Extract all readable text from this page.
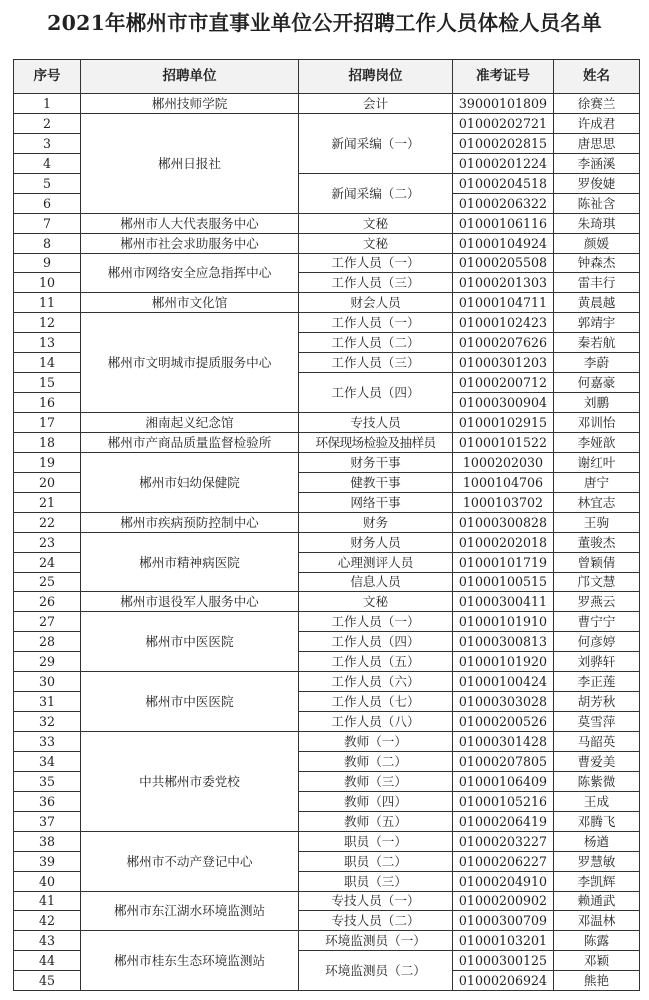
2021年郴州市市直事业单位公开招聘工作人员体检人员名单
序号	招聘单位	招聘岗位	准考证号	姓名
1	郴州技师学院	会计	39000101809	徐赛兰
2	郴州日报社	新闻采编（一）	01000202721	许成君
3			01000202815	唐思思
4			01000201224	李涵溪
5		新闻采编（二）	01000204518	罗俊婕
6			01000206322	陈祉含
7	郴州市人大代表服务中心	文秘	01000106116	朱琦琪
8	郴州市社会求助服务中心	文秘	01000104924	颜媛
9	郴州市网络安全应急指挥中心	工作人员（一）	01000205508	钟森杰
10		工作人员（三）	01000201303	雷丰行
11	郴州市文化馆	财会人员	01000104711	黄晨越
12	郴州市文明城市提质服务中心	工作人员（一）	01000102423	郭靖宇
13		工作人员（二）	01000207626	秦若航
14		工作人员（三）	01000301203	李蔚
15		工作人员（四）	01000200712	何嘉豪
16			01000300904	刘鹏
17	湘南起义纪念馆	专技人员	01000102915	邓训怡
18	郴州市产商品质量监督检验所	环保现场检验及抽样员	01000101522	李娅歆
19	郴州市妇幼保健院	财务干事	1000202030	谢红叶
20		健教干事	1000104706	唐宁
21		网络干事	1000103702	林宜志
22	郴州市疾病预防控制中心	财务	01000300828	王驹
23	郴州市精神病医院	财务人员	01000202018	董骏杰
24		心理测评人员	01000101719	曾颖倩
25		信息人员	01000100515	邝文慧
26	郴州市退役军人服务中心	文秘	01000300411	罗燕云
27	郴州市中医医院	工作人员（一）	01000101910	曹宁宁
28		工作人员（四）	01000300813	何彦婷
29		工作人员（五）	01000101920	刘骅轩
30	郴州市中医医院	工作人员（六）	01000100424	李正莲
31		工作人员（七）	01000303028	胡芳秋
32		工作人员（八）	01000200526	莫雪萍
33	中共郴州市委党校	教师（一）	01000301428	马韶英
34		教师（二）	01000207805	曹爱美
35		教师（三）	01000106409	陈紫微
36		教师（四）	01000105216	王成
37		教师（五）	01000206419	邓腾飞
38	郴州市不动产登记中心	职员（一）	01000203227	杨遒
39		职员（二）	01000206227	罗慧敏
40		职员（三）	01000204910	李凯辉
41	郴州市东江湖水环境监测站	专技人员（一）	01000200902	赖通武
42		专技人员（二）	01000300709	邓温林
43	郴州市桂东生态环境监测站	环境监测员（一）	01000103201	陈露
44		环境监测员（二）	01000300125	邓颖
45			01000206924	熊艳
